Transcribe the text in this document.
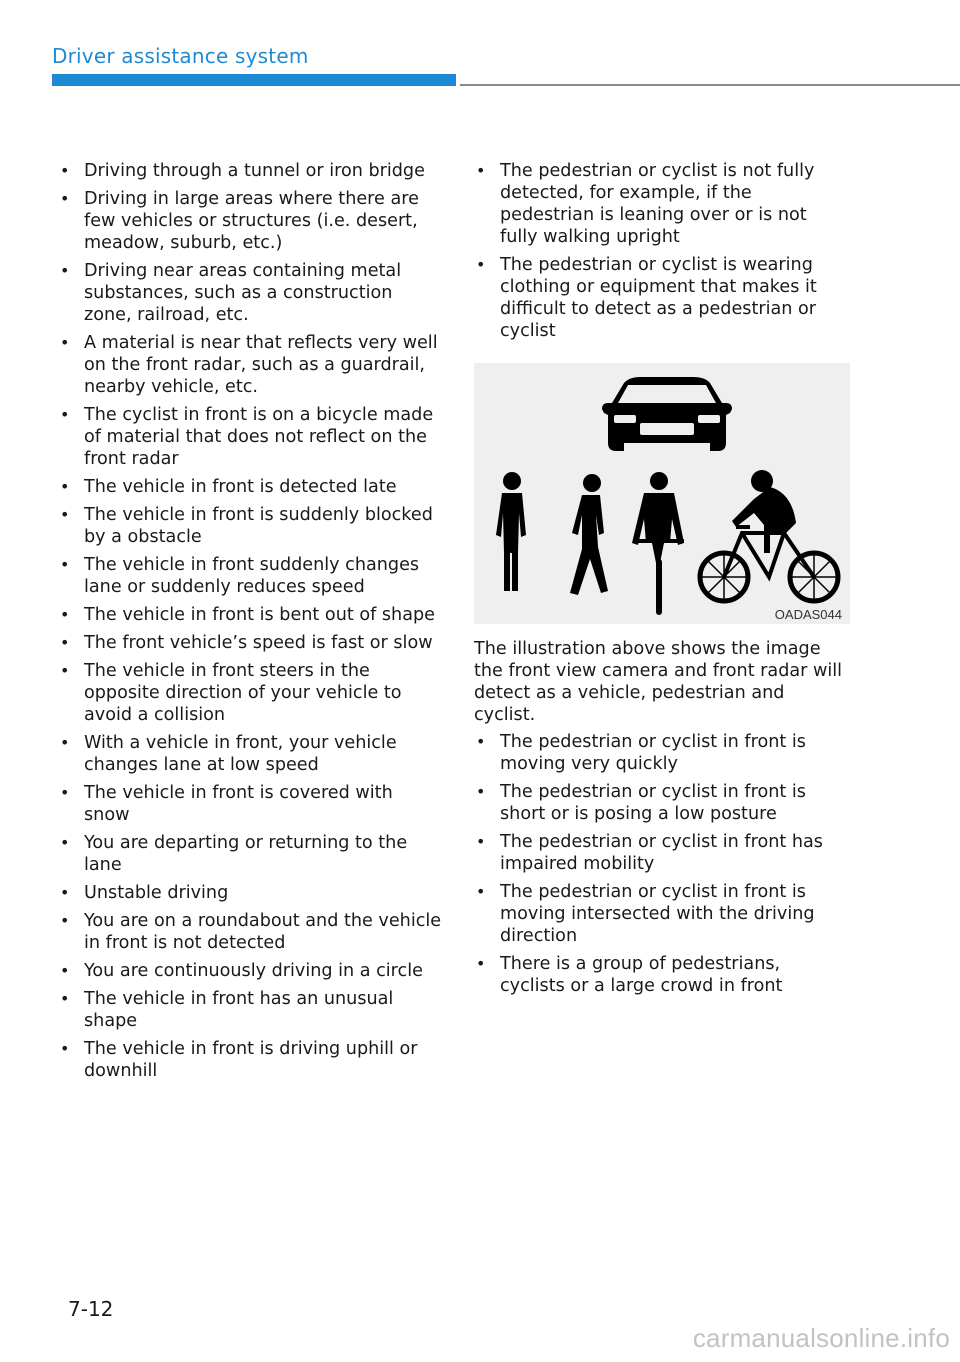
Driver assistance system
• Driving through a tunnel or iron bridge
• Driving in large areas where there are few vehicles or structures (i.e. desert, meadow, suburb, etc.)
• Driving near areas containing metal substances, such as a construction zone, railroad, etc.
• A material is near that reflects very well on the front radar, such as a guardrail, nearby vehicle, etc.
• The cyclist in front is on a bicycle made of material that does not reflect on the front radar
• The vehicle in front is detected late
• The vehicle in front is suddenly blocked by a obstacle
• The vehicle in front suddenly changes lane or suddenly reduces speed
• The vehicle in front is bent out of shape
• The front vehicle’s speed is fast or slow
• The vehicle in front steers in the opposite direction of your vehicle to avoid a collision
• With a vehicle in front, your vehicle changes lane at low speed
• The vehicle in front is covered with snow
• You are departing or returning to the lane
• Unstable driving
• You are on a roundabout and the vehicle in front is not detected
• You are continuously driving in a circle
• The vehicle in front has an unusual shape
• The vehicle in front is driving uphill or downhill
• The pedestrian or cyclist is not fully detected, for example, if the pedestrian is leaning over or is not fully walking upright
• The pedestrian or cyclist is wearing clothing or equipment that makes it difficult to detect as a pedestrian or cyclist
OADAS044
The illustration above shows the image the front view camera and front radar will detect as a vehicle, pedestrian and cyclist.
• The pedestrian or cyclist in front is moving very quickly
• The pedestrian or cyclist in front is short or is posing a low posture
• The pedestrian or cyclist in front has impaired mobility
• The pedestrian or cyclist in front is moving intersected with the driving direction
• There is a group of pedestrians, cyclists or a large crowd in front
7-12
carmanualsonline.info
